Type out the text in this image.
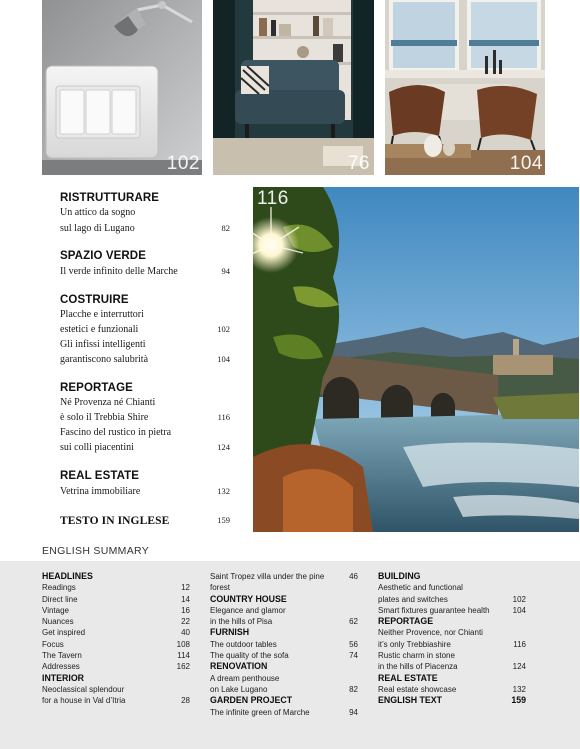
102	76	104
116
RISTRUTTURARE
Un attico da sogno
sul lago di Lugano	82
SPAZIO VERDE
Il verde infinito delle Marche	94
COSTRUIRE
Placche e interruttori
estetici e funzionali	102
Gli infissi intelligenti
garantiscono salubrità	104
REPORTAGE
Né Provenza né Chianti
è solo il Trebbia Shire	116
Fascino del rustico in pietra
sui colli piacentini	124
REAL ESTATE
Vetrina immobiliare	132
TESTO IN INGLESE	159
ENGLISH SUMMARY
HEADLINES
Readings	12
Direct line	14
Vintage	16
Nuances	22
Get inspired	40
Focus	108
The Tavern	114
Addresses	162
INTERIOR
Neoclassical splendour
for a house in Val d’Itria	28
Saint Tropez villa under the pine forest
46
COUNTRY HOUSE
Elegance and glamor
in the hills of Pisa	62
FURNISH
The outdoor tables	56
The quality of the sofa	74
RENOVATION
A dream penthouse
on Lake Lugano	82
GARDEN PROJECT
The infinite green of Marche	94
BUILDING
Aesthetic and functional
plates and switches	102
Smart fixtures guarantee health	104
REPORTAGE
Neither Provence, nor Chianti
it’s only Trebbiashire	116
Rustic charm in stone
in the hills of Piacenza	124
REAL ESTATE
Real estate showcase	132
ENGLISH TEXT	159
